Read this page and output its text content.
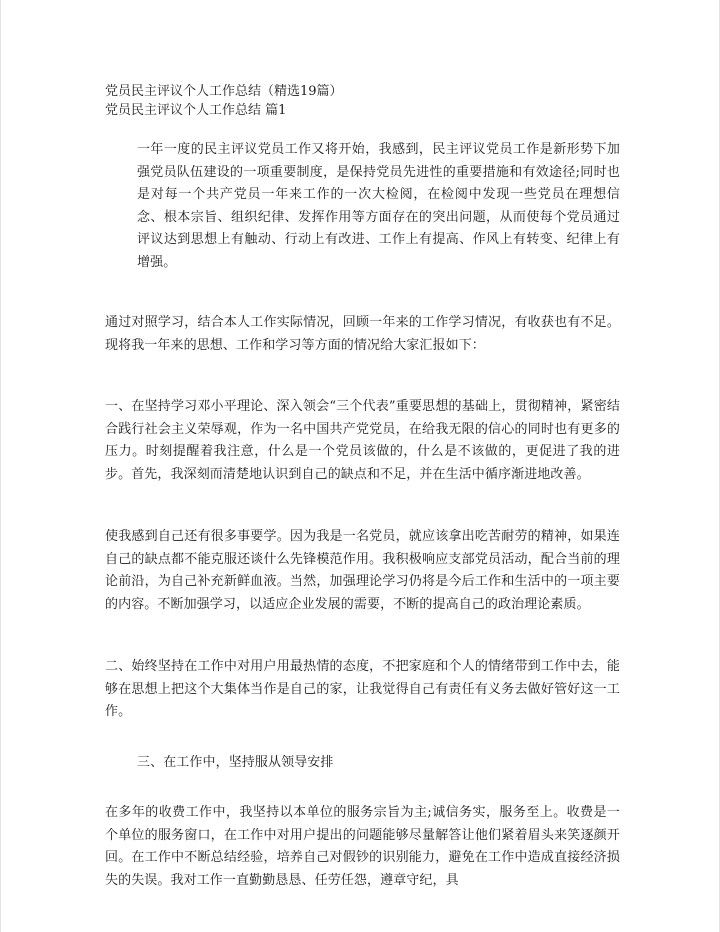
党员民主评议个人工作总结（精选19篇）

党员民主评议个人工作总结 篇1

一年一度的民主评议党员工作又将开始，我感到，民主评议党员工作是新形势下加强党员队伍建设的一项重要制度，是保持党员先进性的重要措施和有效途径;同时也是对每一个共产党员一年来工作的一次大检阅，在检阅中发现一些党员在理想信念、根本宗旨、组织纪律、发挥作用等方面存在的突出问题，从而使每个党员通过评议达到思想上有触动、行动上有改进、工作上有提高、作风上有转变、纪律上有增强。

通过对照学习，结合本人工作实际情况，回顾一年来的工作学习情况，有收获也有不足。现将我一年来的思想、工作和学习等方面的情况给大家汇报如下：

一、在坚持学习邓小平理论、深入领会“三个代表”重要思想的基础上，贯彻精神，紧密结合践行社会主义荣辱观，作为一名中国共产党党员，在给我无限的信心的同时也有更多的压力。时刻提醒着我注意，什么是一个党员该做的，什么是不该做的，更促进了我的进步。首先，我深刻而清楚地认识到自己的缺点和不足，并在生活中循序渐进地改善。

使我感到自己还有很多事要学。因为我是一名党员，就应该拿出吃苦耐劳的精神，如果连自己的缺点都不能克服还谈什么先锋模范作用。我积极响应支部党员活动，配合当前的理论前沿，为自己补充新鲜血液。当然，加强理论学习仍将是今后工作和生活中的一项主要的内容。不断加强学习，以适应企业发展的需要，不断的提高自己的政治理论素质。

二、始终坚持在工作中对用户用最热情的态度，不把家庭和个人的情绪带到工作中去，能够在思想上把这个大集体当作是自己的家，让我觉得自己有责任有义务去做好管好这一工作。

三、在工作中，坚持服从领导安排

在多年的收费工作中，我坚持以本单位的服务宗旨为主;诚信务实，服务至上。收费是一个单位的服务窗口，在工作中对用户提出的问题能够尽量解答让他们紧着眉头来笑逐颜开回。在工作中不断总结经验，培养自己对假钞的识别能力，避免在工作中造成直接经济损失的失误。我对工作一直勤勤恳恳、任劳任怨，遵章守纪，具
